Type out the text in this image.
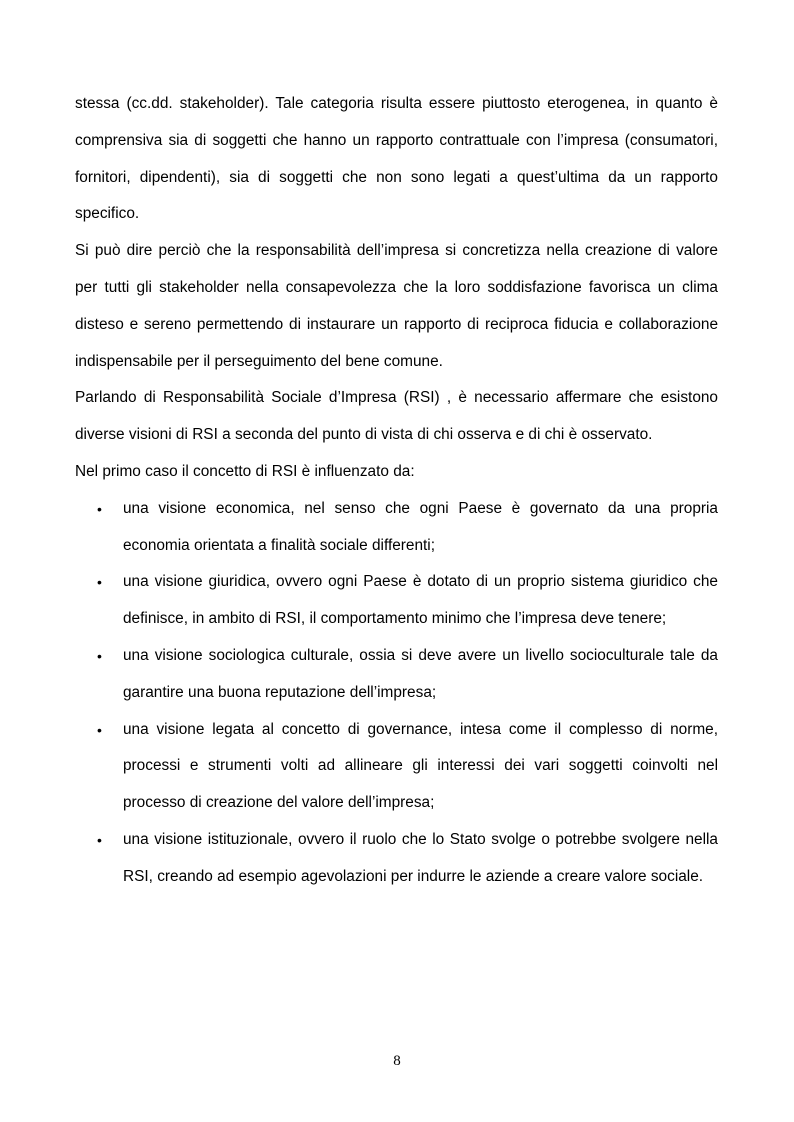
stessa (cc.dd. stakeholder). Tale categoria risulta essere piuttosto eterogenea, in quanto è comprensiva sia di soggetti che hanno un rapporto contrattuale con l’impresa (consumatori, fornitori, dipendenti), sia di soggetti che non sono legati a quest’ultima da un rapporto specifico.

Si può dire perciò che la responsabilità dell’impresa si concretizza nella creazione di valore per tutti gli stakeholder nella consapevolezza che la loro soddisfazione favorisca un clima disteso e sereno permettendo di instaurare un rapporto di reciproca fiducia e collaborazione indispensabile per il perseguimento del bene comune.

Parlando di Responsabilità Sociale d’Impresa (RSI) , è necessario affermare che esistono diverse visioni di RSI a seconda del punto di vista di chi osserva e di chi è osservato.

Nel primo caso il concetto di RSI è influenzato da:

• una visione economica, nel senso che ogni Paese è governato da una propria economia orientata a finalità sociale differenti;
• una visione giuridica, ovvero ogni Paese è dotato di un proprio sistema giuridico che definisce, in ambito di RSI, il comportamento minimo che l’impresa deve tenere;
• una visione sociologica culturale, ossia si deve avere un livello socioculturale tale da garantire una buona reputazione dell’impresa;
• una visione legata al concetto di governance, intesa come il complesso di norme, processi e strumenti volti ad allineare gli interessi dei vari soggetti coinvolti nel processo di creazione del valore dell’impresa;
• una visione istituzionale, ovvero il ruolo che lo Stato svolge o potrebbe svolgere nella RSI, creando ad esempio agevolazioni per indurre le aziende a creare valore sociale.
8
